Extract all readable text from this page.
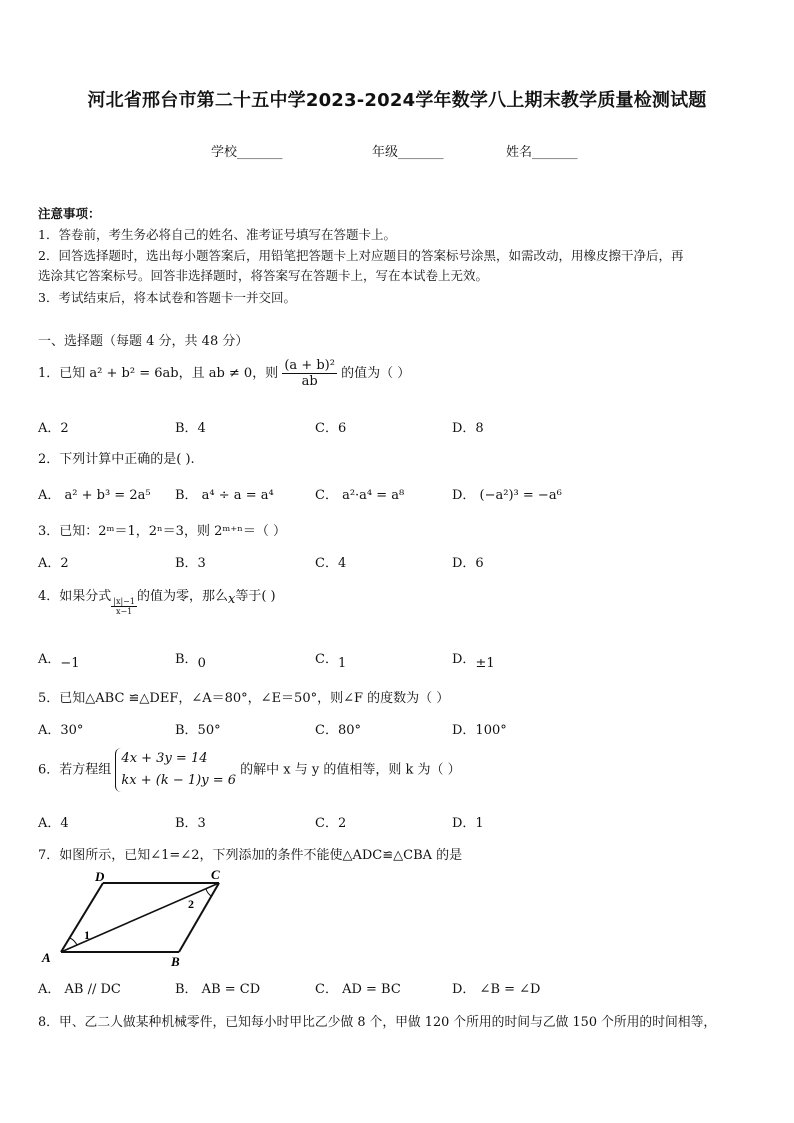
河北省邢台市第二十五中学2023-2024学年数学八上期末教学质量检测试题
学校_______	年级_______	姓名_______
注意事项：
1．答卷前，考生务必将自己的姓名、准考证号填写在答题卡上。
2．回答选择题时，选出每小题答案后，用铅笔把答题卡上对应题目的答案标号涂黑，如需改动，用橡皮擦干净后，再
选涂其它答案标号。回答非选择题时，将答案写在答题卡上，写在本试卷上无效。
3．考试结束后，将本试卷和答题卡一并交回。
一、选择题（每题 4 分，共 48 分）
1．已知 a² + b² = 6ab，且 ab ≠ 0，则 $\frac{\text{(a + b)²}}{ab}$ 的值为（ ）
A．2	B．4	C．6	D．8
2．下列计算中正确的是( ).
A． a² + b³ = 2a⁵ B． a⁴ ÷ a = a⁴	C． a²·a⁴ = a⁸	D． (−a²)³ = −a⁶
3．已知：2ᵐ＝1，2ⁿ＝3，则 2ᵐ⁺ⁿ＝（ ）
A．2	B．3	C．4	D．6
4．如果分式
$\frac{|x|-1}{x-1}$
的值为零，那么x等于( )
A．−1	B．0	C．1	D．±1
5．已知△ABC ≌△DEF，∠A＝80°，∠E＝50°，则∠F 的度数为（ ）
A．30°	B．50°	C．80°	D．100°
6．若方程组
4x + 3y = 14
kx + (k − 1)y = 6
的解中 x 与 y 的值相等，则 k 为（ ）
A．4	B．3	C．2	D．1
7．如图所示，已知∠1=∠2，下列添加的条件不能使△ADC≌△CBA 的是
A	B
C
D
1
2
A． AB // DC	B． AB = CD	C． AD = BC	D． ∠B = ∠D
8．甲、乙二人做某种机械零件，已知每小时甲比乙少做 8 个，甲做 120 个所用的时间与乙做 150 个所用的时间相等，
